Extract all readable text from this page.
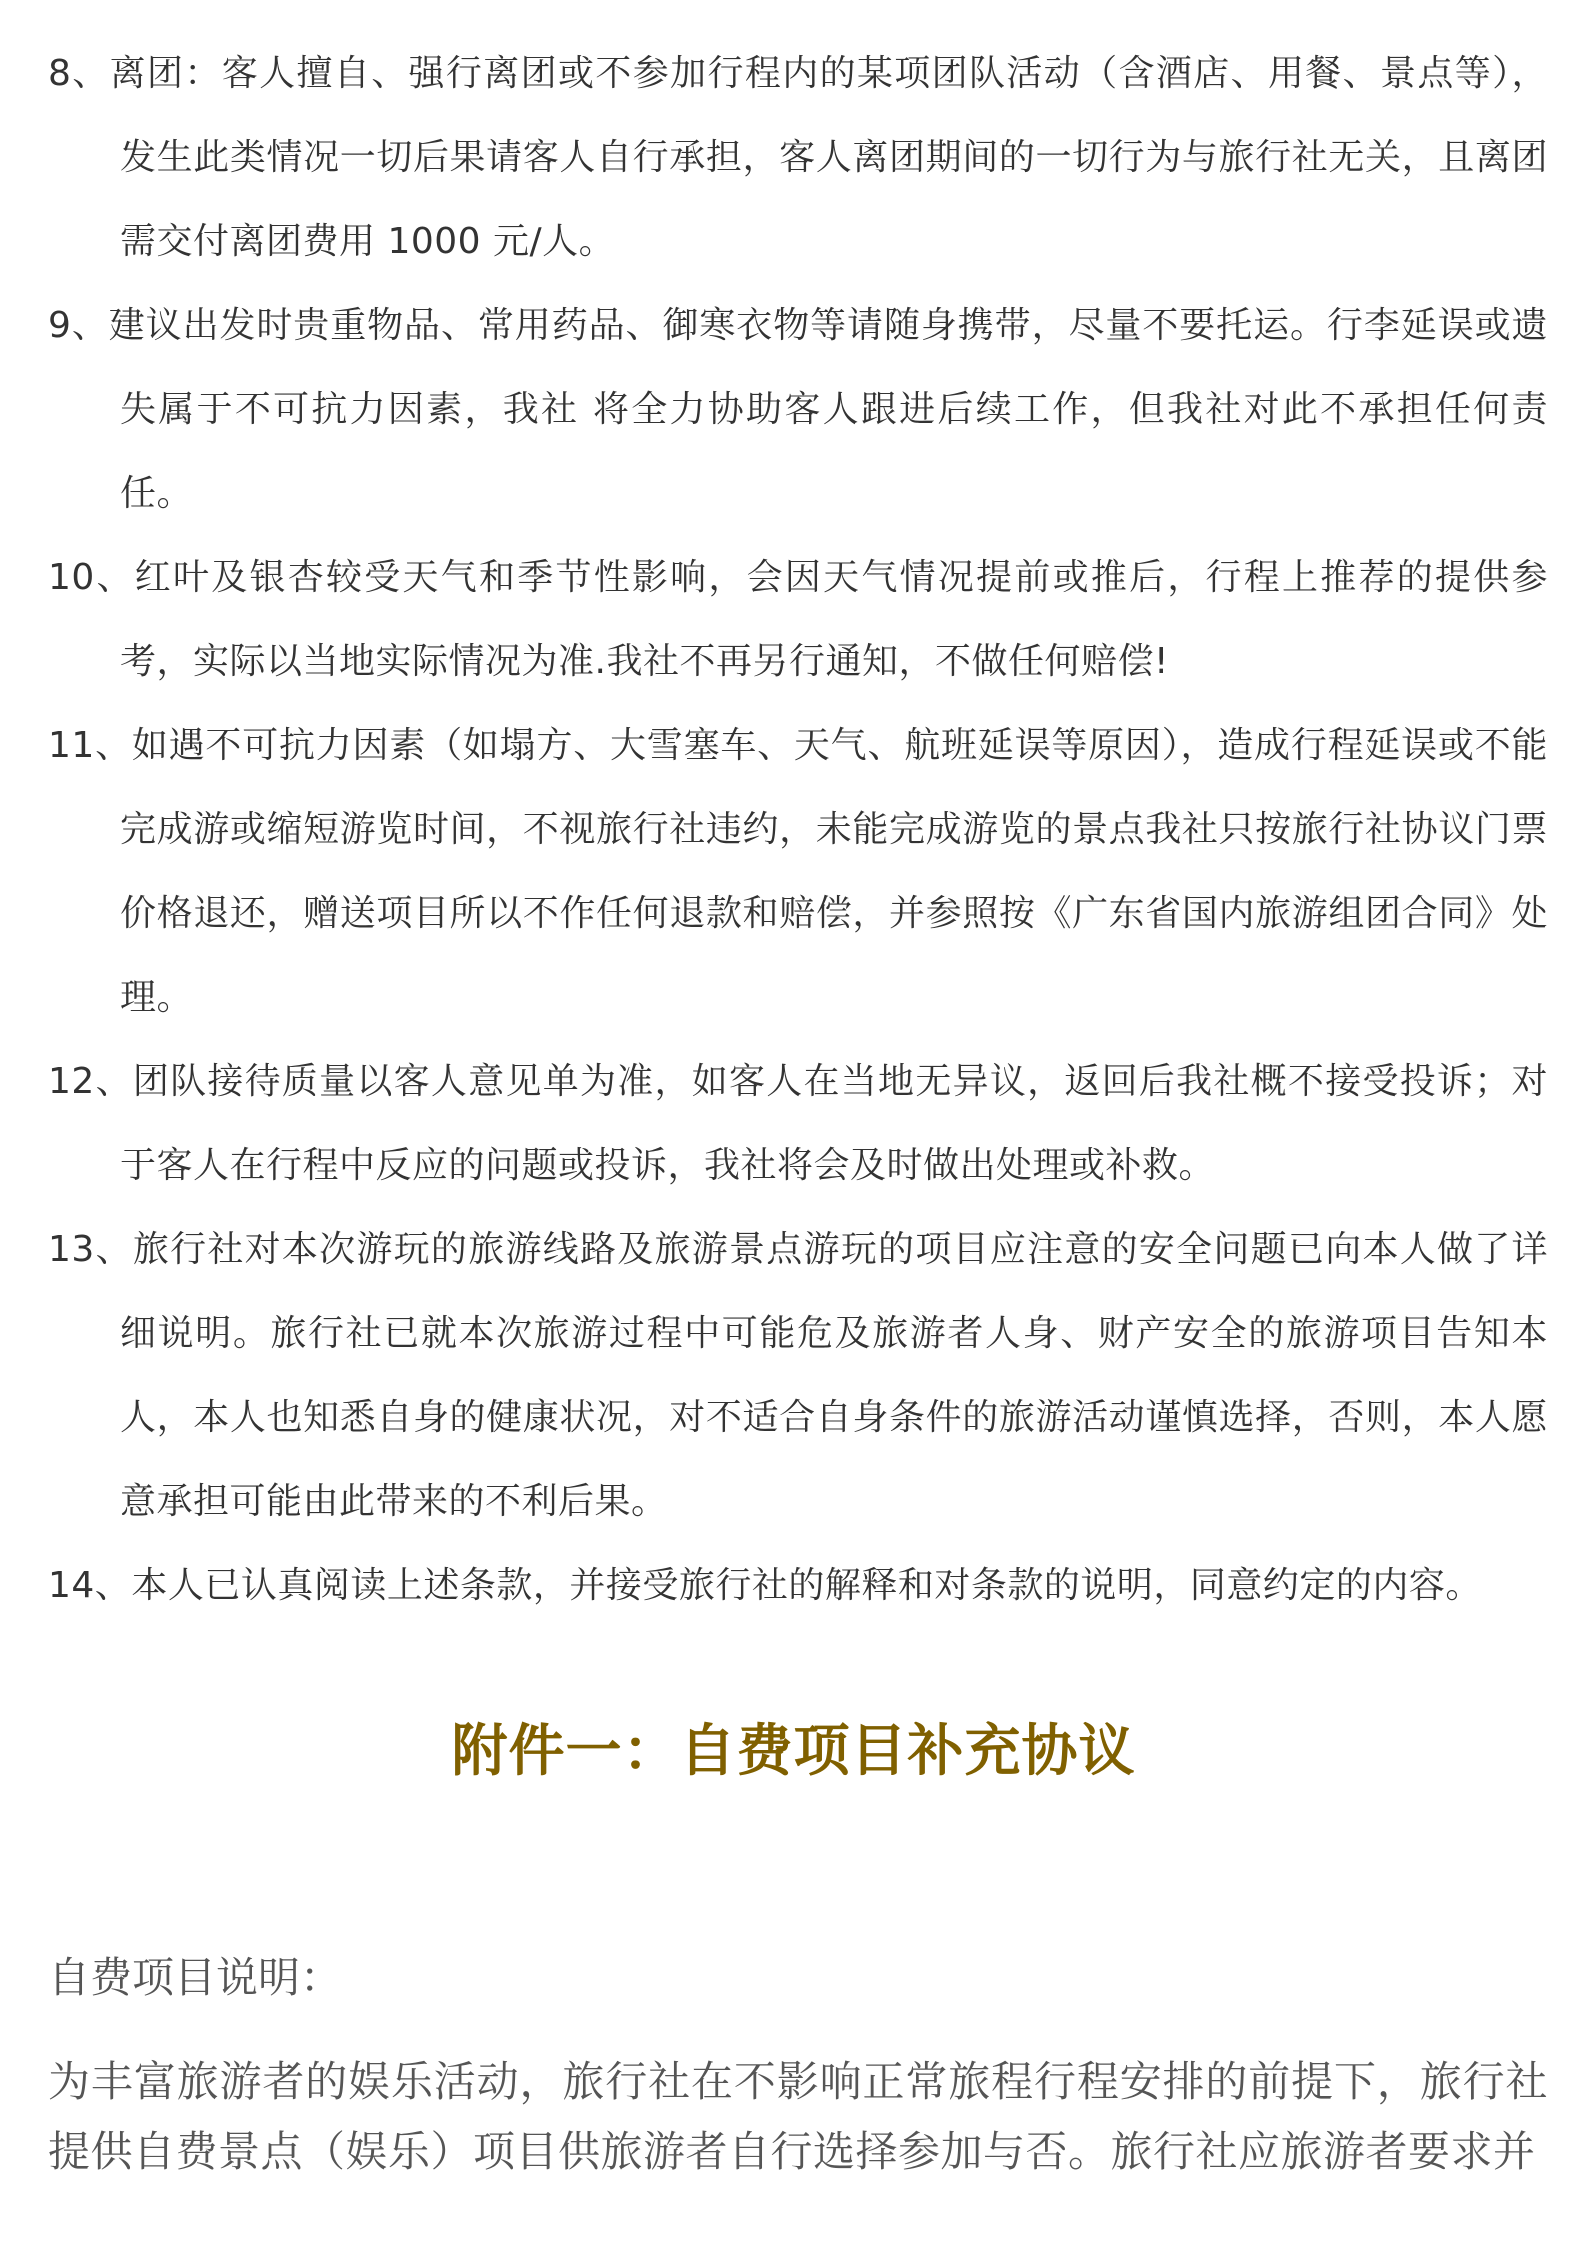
8、离团：客人擅自、强行离团或不参加行程内的某项团队活动（含酒店、用餐、景点等），发生此类情况一切后果请客人自行承担，客人离团期间的一切行为与旅行社无关，且离团需交付离团费用 1000 元/人。
9、建议出发时贵重物品、常用药品、御寒衣物等请随身携带，尽量不要托运。行李延误或遗失属于不可抗力因素，我社 将全力协助客人跟进后续工作，但我社对此不承担任何责任。
10、红叶及银杏较受天气和季节性影响，会因天气情况提前或推后，行程上推荐的提供参考，实际以当地实际情况为准.我社不再另行通知，不做任何赔偿!
11、如遇不可抗力因素（如塌方、大雪塞车、天气、航班延误等原因），造成行程延误或不能完成游或缩短游览时间，不视旅行社违约，未能完成游览的景点我社只按旅行社协议门票价格退还，赠送项目所以不作任何退款和赔偿，并参照按《广东省国内旅游组团合同》处理。
12、团队接待质量以客人意见单为准，如客人在当地无异议，返回后我社概不接受投诉；对于客人在行程中反应的问题或投诉，我社将会及时做出处理或补救。
13、旅行社对本次游玩的旅游线路及旅游景点游玩的项目应注意的安全问题已向本人做了详细说明。旅行社已就本次旅游过程中可能危及旅游者人身、财产安全的旅游项目告知本人，本人也知悉自身的健康状况，对不适合自身条件的旅游活动谨慎选择，否则，本人愿意承担可能由此带来的不利后果。
14、本人已认真阅读上述条款，并接受旅行社的解释和对条款的说明，同意约定的内容。
附件一：自费项目补充协议

自费项目说明：

为丰富旅游者的娱乐活动，旅行社在不影响正常旅程行程安排的前提下，旅行社提供自费景点（娱乐）项目供旅游者自行选择参加与否。旅行社应旅游者要求并
